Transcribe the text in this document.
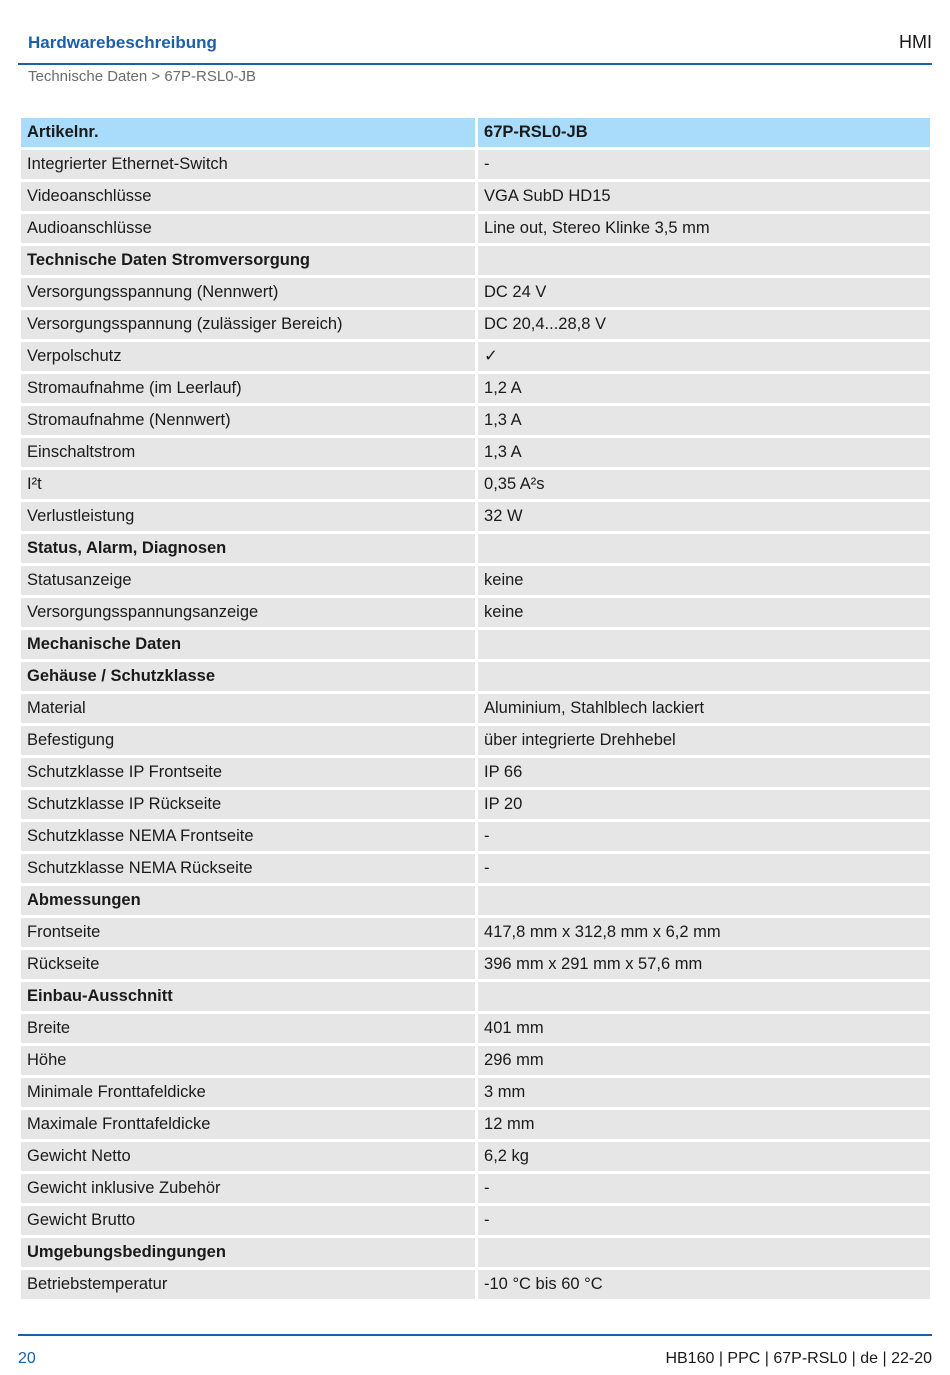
Hardwarebeschreibung	HMI
Technische Daten > 67P-RSL0-JB
Artikelnr.	67P-RSL0-JB
Integrierter Ethernet-Switch	-
Videoanschlüsse	VGA SubD HD15
Audioanschlüsse	Line out, Stereo Klinke 3,5 mm
Technische Daten Stromversorgung	
Versorgungsspannung (Nennwert)	DC 24 V
Versorgungsspannung (zulässiger Bereich)	DC 20,4...28,8 V
Verpolschutz	✓
Stromaufnahme (im Leerlauf)	1,2 A
Stromaufnahme (Nennwert)	1,3 A
Einschaltstrom	1,3 A
I²t	0,35 A²s
Verlustleistung	32 W
Status, Alarm, Diagnosen	
Statusanzeige	keine
Versorgungsspannungsanzeige	keine
Mechanische Daten	
Gehäuse / Schutzklasse	
Material	Aluminium, Stahlblech lackiert
Befestigung	über integrierte Drehhebel
Schutzklasse IP Frontseite	IP 66
Schutzklasse IP Rückseite	IP 20
Schutzklasse NEMA Frontseite	-
Schutzklasse NEMA Rückseite	-
Abmessungen	
Frontseite	417,8 mm x 312,8 mm x 6,2 mm
Rückseite	396 mm x 291 mm x 57,6 mm
Einbau-Ausschnitt	
Breite	401 mm
Höhe	296 mm
Minimale Fronttafeldicke	3 mm
Maximale Fronttafeldicke	12 mm
Gewicht Netto	6,2 kg
Gewicht inklusive Zubehör	-
Gewicht Brutto	-
Umgebungsbedingungen	
Betriebstemperatur	-10 °C bis 60 °C
20	HB160 | PPC | 67P-RSL0 | de | 22-20
